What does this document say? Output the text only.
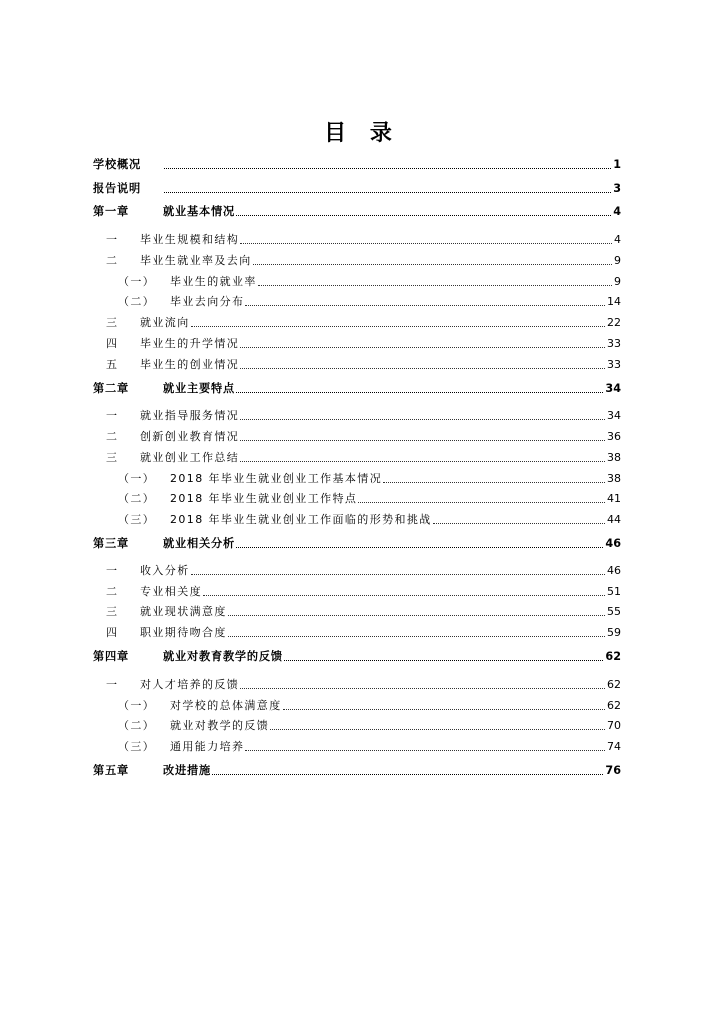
目 录
学校概况	1
报告说明	3
第一章	就业基本情况	4
一	毕业生规模和结构	4
二	毕业生就业率及去向	9
（一）	毕业生的就业率	9
（二）	毕业去向分布	14
三	就业流向	22
四	毕业生的升学情况	33
五	毕业生的创业情况	33
第二章	就业主要特点	34
一	就业指导服务情况	34
二	创新创业教育情况	36
三	就业创业工作总结	38
（一）	2018 年毕业生就业创业工作基本情况	38
（二）	2018 年毕业生就业创业工作特点	41
（三）	2018 年毕业生就业创业工作面临的形势和挑战	44
第三章	就业相关分析	46
一	收入分析	46
二	专业相关度	51
三	就业现状满意度	55
四	职业期待吻合度	59
第四章	就业对教育教学的反馈	62
一	对人才培养的反馈	62
（一）	对学校的总体满意度	62
（二）	就业对教学的反馈	70
（三）	通用能力培养	74
第五章	改进措施	76
